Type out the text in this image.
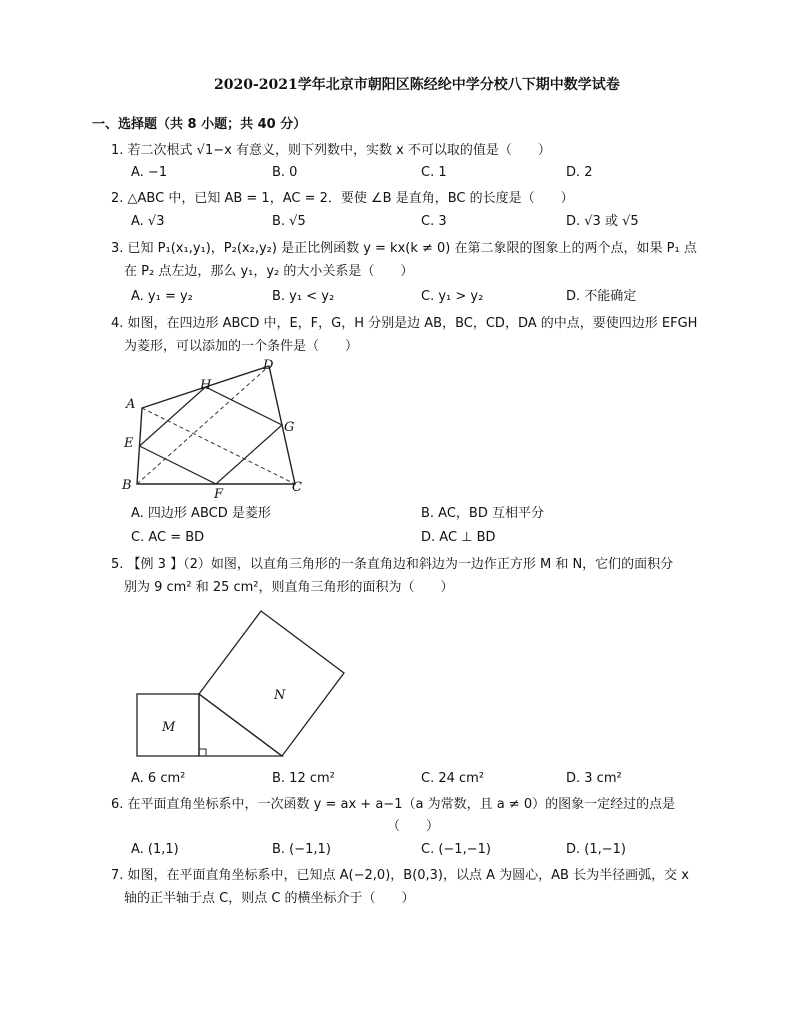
2020-2021学年北京市朝阳区陈经纶中学分校八下期中数学试卷
一、选择题（共 8 小题；共 40 分）
1. 若二次根式 √1−x 有意义，则下列数中，实数 x 不可以取的值是（　　）
A. −1	B. 0	C. 1	D. 2
2. △ABC 中，已知 AB = 1，AC = 2．要使 ∠B 是直角，BC 的长度是（　　）
A. √3	B. √5	C. 3	D. √3 或 √5
3. 已知 P₁(x₁,y₁)，P₂(x₂,y₂) 是正比例函数 y = kx(k ≠ 0) 在第二象限的图象上的两个点，如果 P₁ 点
在 P₂ 点左边，那么 y₁，y₂ 的大小关系是（　　）
A. y₁ = y₂	B. y₁ < y₂	C. y₁ > y₂	D. 不能确定
4. 如图，在四边形 ABCD 中，E，F，G，H 分别是边 AB，BC，CD，DA 的中点，要使四边形 EFGH
为菱形，可以添加的一个条件是（　　）
A
B	C
D
E
F
G
H
A. 四边形 ABCD 是菱形	B. AC，BD 互相平分
C. AC = BD	D. AC ⊥ BD
5. 【例 3 】（2）如图，以直角三角形的一条直角边和斜边为一边作正方形 M 和 N，它们的面积分
别为 9 cm² 和 25 cm²，则直角三角形的面积为（　　）
M
N
A. 6 cm²	B. 12 cm²	C. 24 cm²	D. 3 cm²
6. 在平面直角坐标系中，一次函数 y = ax + a−1（a 为常数，且 a ≠ 0）的图象一定经过的点是
（　　）
A. (1,1)	B. (−1,1)	C. (−1,−1)	D. (1,−1)
7. 如图，在平面直角坐标系中，已知点 A(−2,0)，B(0,3)，以点 A 为圆心，AB 长为半径画弧，交 x
轴的正半轴于点 C，则点 C 的横坐标介于（　　）
